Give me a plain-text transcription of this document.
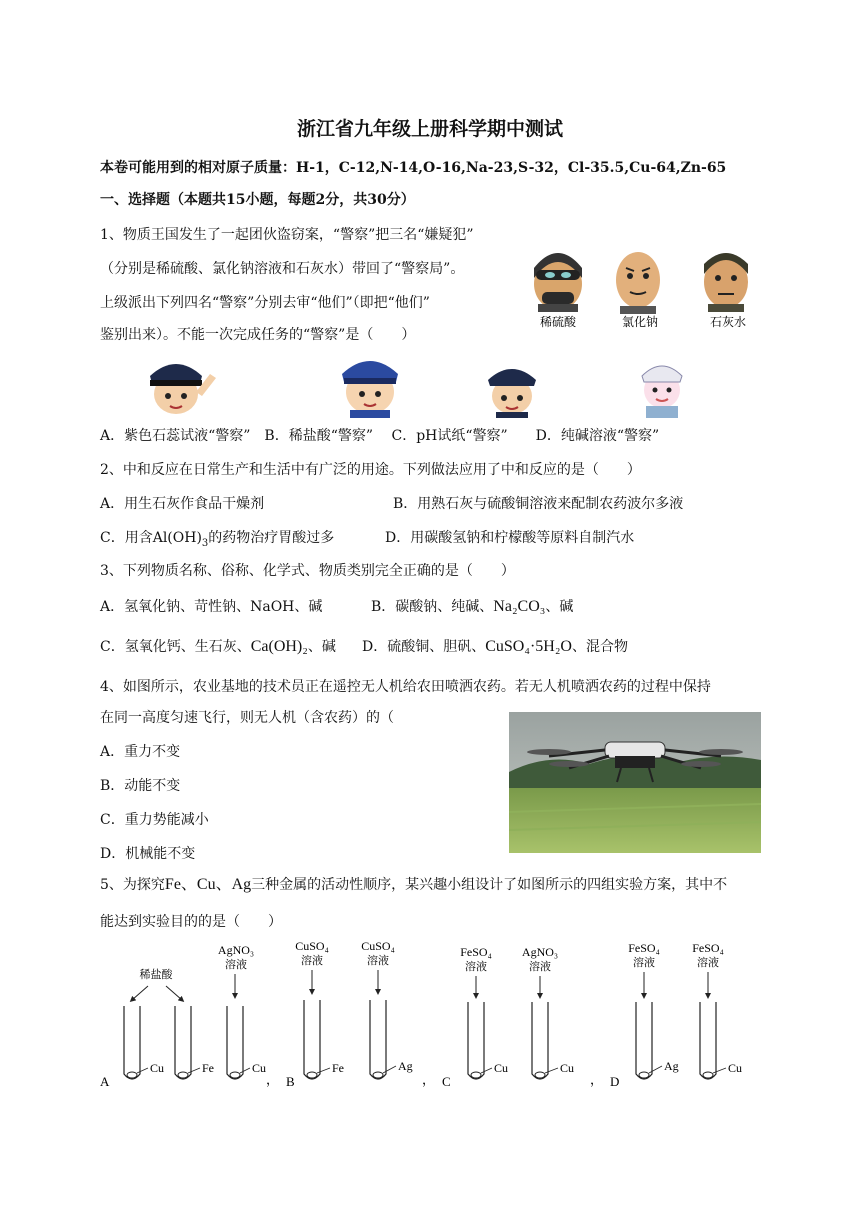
浙江省九年级上册科学期中测试
本卷可能用到的相对原子质量：H-1，C-12,N-14,O-16,Na-23,S-32，Cl-35.5,Cu-64,Zn-65
一、选择题（本题共15小题，每题2分，共30分）
1、物质王国发生了一起团伙盗窃案，“警察”把三名“嫌疑犯”
（分别是稀硫酸、氯化钠溶液和石灰水）带回了“警察局”。
上级派出下列四名“警察”分别去审“他们”（即把“他们”
鉴别出来）。不能一次完成任务的“警察”是（　　）
稀硫酸	氯化钠	石灰水
A．紫色石蕊试液“警察”　B．稀盐酸“警察”　 C．pH试纸“警察”　　D．纯碱溶液“警察”
2、中和反应在日常生产和生活中有广泛的用途。下列做法应用了中和反应的是（　　）
A．用生石灰作食品干燥剂	B．用熟石灰与硫酸铜溶液来配制农药波尔多液
C．用含$Al(OH)_3$的药物治疗胃酸过多	D．用碳酸氢钠和柠檬酸等原料自制汽水
3、下列物质名称、俗称、化学式、物质类别完全正确的是（　　）
A．氢氧化钠、苛性钠、NaOH、碱	B．碳酸钠、纯碱、Na₂CO₃、碱
C．氢氧化钙、生石灰、Ca(OH)₂、碱 D．硫酸铜、胆矾、CuSO₄·5H₂O、混合物
4、如图所示，农业基地的技术员正在遥控无人机给农田喷洒农药。若无人机喷洒农药的过程中保持
在同一高度匀速飞行，则无人机（含农药）的（
A．重力不变
B．动能不变
C．重力势能减小
D．机械能不变
5、为探究Fe、Cu、Ag三种金属的活动性顺序，某兴趣小组设计了如图所示的四组实验方案，其中不
能达到实验目的的是（　　）
Cu	Fe	Cu	Fe	Ag	Cu	Cu	Ag	Cu
稀盐酸
AgNO₃
溶液
CuSO₄
溶液
CuSO₄
溶液
FeSO₄
溶液
AgNO₃
溶液
FeSO₄
溶液
FeSO₄
溶液
A	， B	， C	， D
